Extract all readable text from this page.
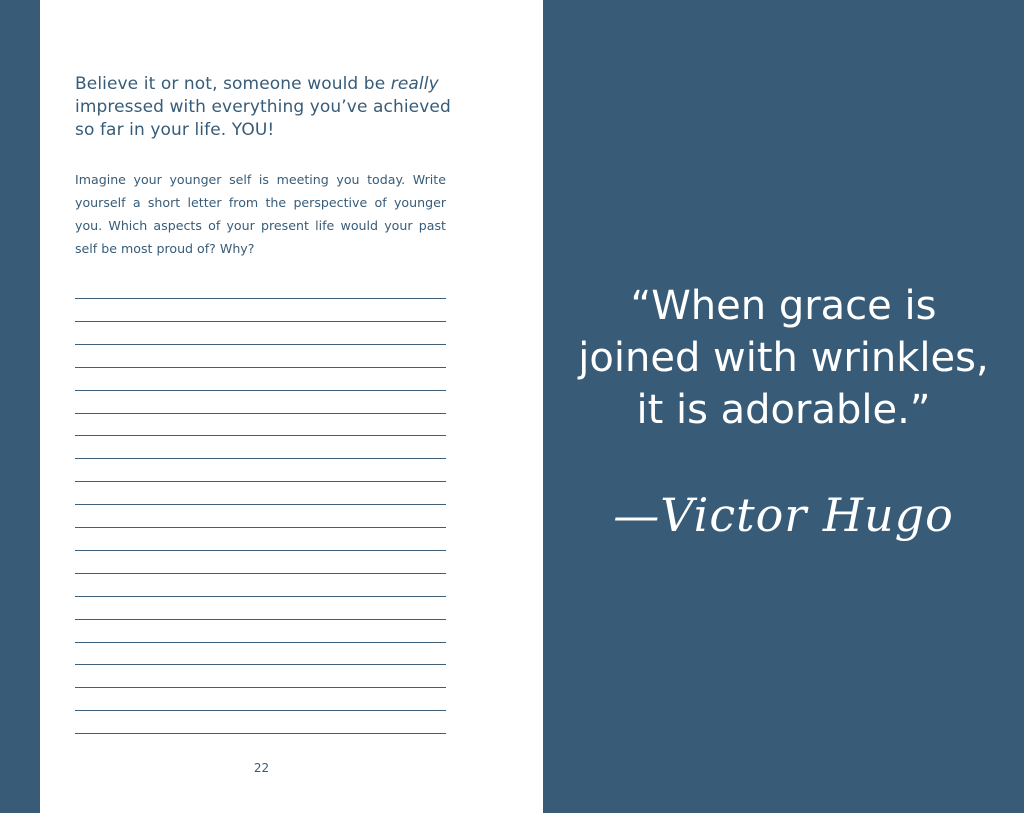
Believe it or not, someone would be really impressed with everything you’ve achieved so far in your life. YOU!

Imagine your younger self is meeting you today. Write yourself a short letter from the perspective of younger you. Which aspects of your present life would your past self be most proud of? Why?

22
“When grace is
joined with wrinkles,
it is adorable.”
—Victor Hugo
